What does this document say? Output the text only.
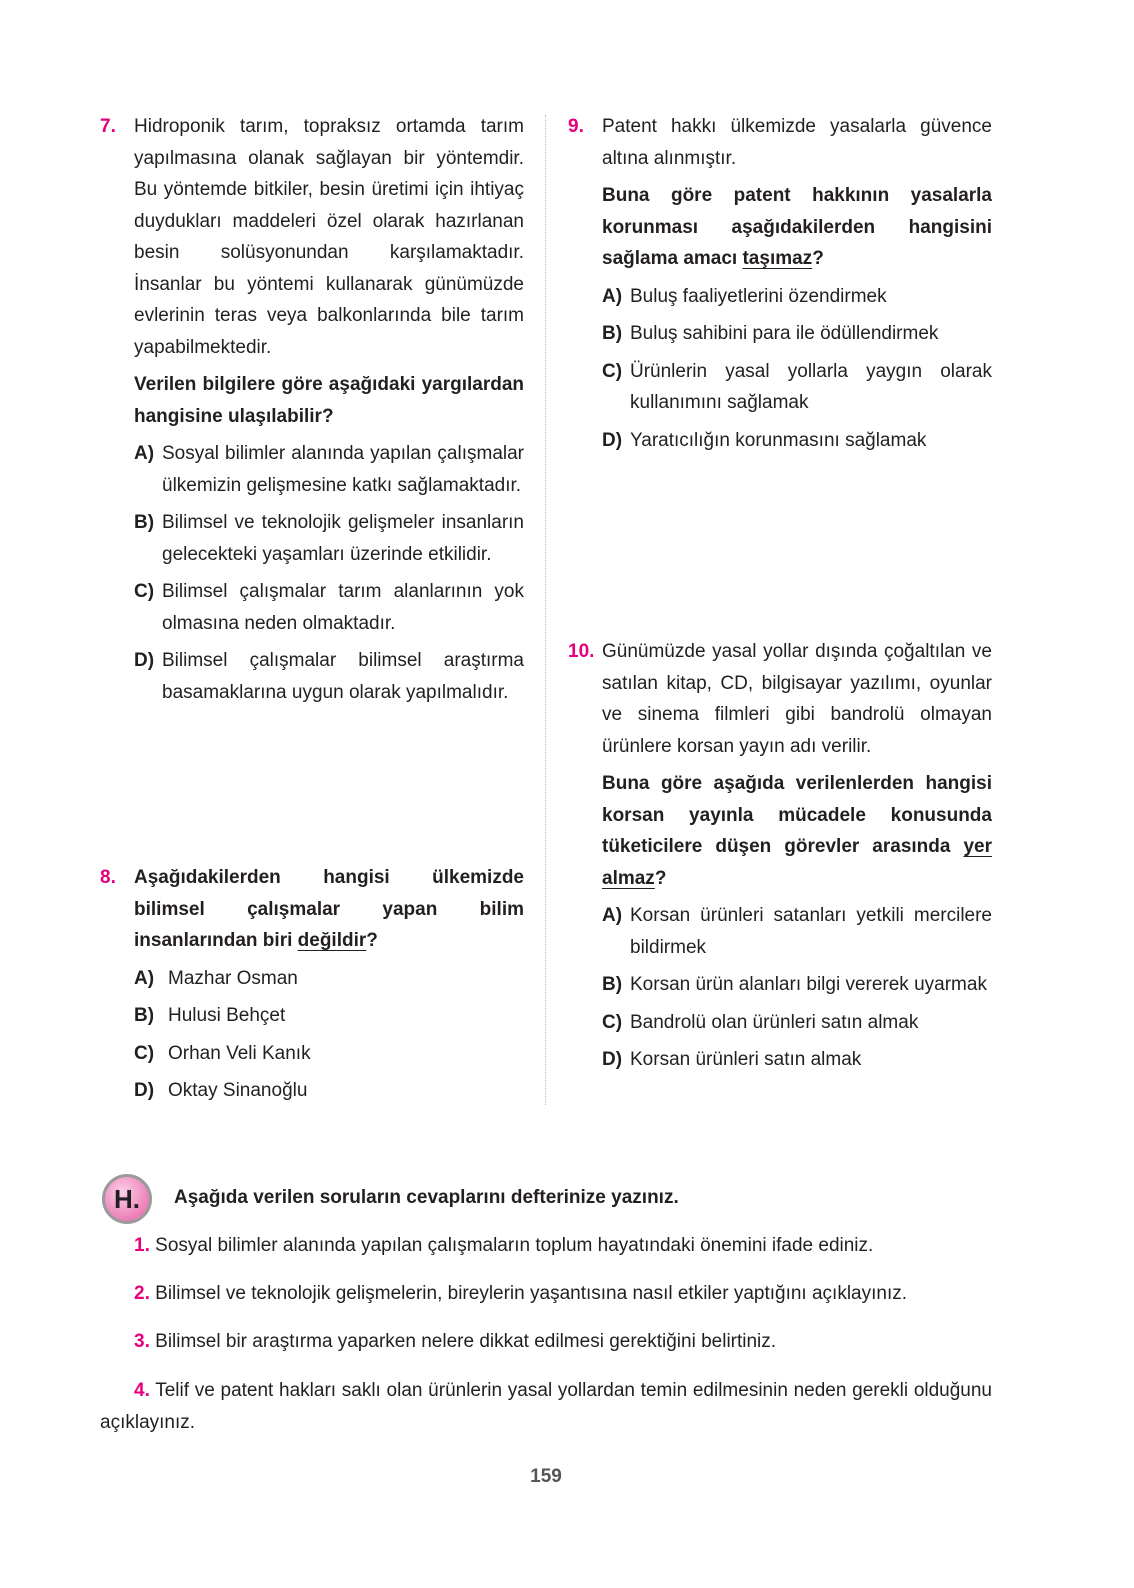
7. Hidroponik tarım, topraksız ortamda tarım yapılmasına olanak sağlayan bir yöntemdir. Bu yöntemde bitkiler, besin üretimi için ihtiyaç duydukları maddeleri özel olarak hazırlanan besin solüsyonundan karşılamaktadır. İnsanlar bu yöntemi kullanarak günümüzde evlerinin teras veya balkonlarında bile tarım yapabilmektedir.

Verilen bilgilere göre aşağıdaki yargılardan hangisine ulaşılabilir?

A) Sosyal bilimler alanında yapılan çalışmalar ülkemizin gelişmesine katkı sağlamaktadır.
B) Bilimsel ve teknolojik gelişmeler insanların gelecekteki yaşamları üzerinde etkilidir.
C) Bilimsel çalışmalar tarım alanlarının yok olmasına neden olmaktadır.
D) Bilimsel çalışmalar bilimsel araştırma basamaklarına uygun olarak yapılmalıdır.
8. Aşağıdakilerden hangisi ülkemizde bilimsel çalışmalar yapan bilim insanlarından biri değildir?

A) Mazhar Osman
B) Hulusi Behçet
C) Orhan Veli Kanık
D) Oktay Sinanoğlu
9. Patent hakkı ülkemizde yasalarla güvence altına alınmıştır.

Buna göre patent hakkının yasalarla korunması aşağıdakilerden hangisini sağlama amacı taşımaz?

A) Buluş faaliyetlerini özendirmek
B) Buluş sahibini para ile ödüllendirmek
C) Ürünlerin yasal yollarla yaygın olarak kullanımını sağlamak
D) Yaratıcılığın korunmasını sağlamak
10. Günümüzde yasal yollar dışında çoğaltılan ve satılan kitap, CD, bilgisayar yazılımı, oyunlar ve sinema filmleri gibi bandrolü olmayan ürünlere korsan yayın adı verilir.

Buna göre aşağıda verilenlerden hangisi korsan yayınla mücadele konusunda tüketicilere düşen görevler arasında yer almaz?

A) Korsan ürünleri satanları yetkili mercilere bildirmek
B) Korsan ürün alanları bilgi vererek uyarmak
C) Bandrolü olan ürünleri satın almak
D) Korsan ürünleri satın almak
H.	Aşağıda verilen soruların cevaplarını defterinize yazınız.
1. Sosyal bilimler alanında yapılan çalışmaların toplum hayatındaki önemini ifade ediniz.
2. Bilimsel ve teknolojik gelişmelerin, bireylerin yaşantısına nasıl etkiler yaptığını açıklayınız.
3. Bilimsel bir araştırma yaparken nelere dikkat edilmesi gerektiğini belirtiniz.
4. Telif ve patent hakları saklı olan ürünlerin yasal yollardan temin edilmesinin neden gerekli olduğunu açıklayınız.
159
